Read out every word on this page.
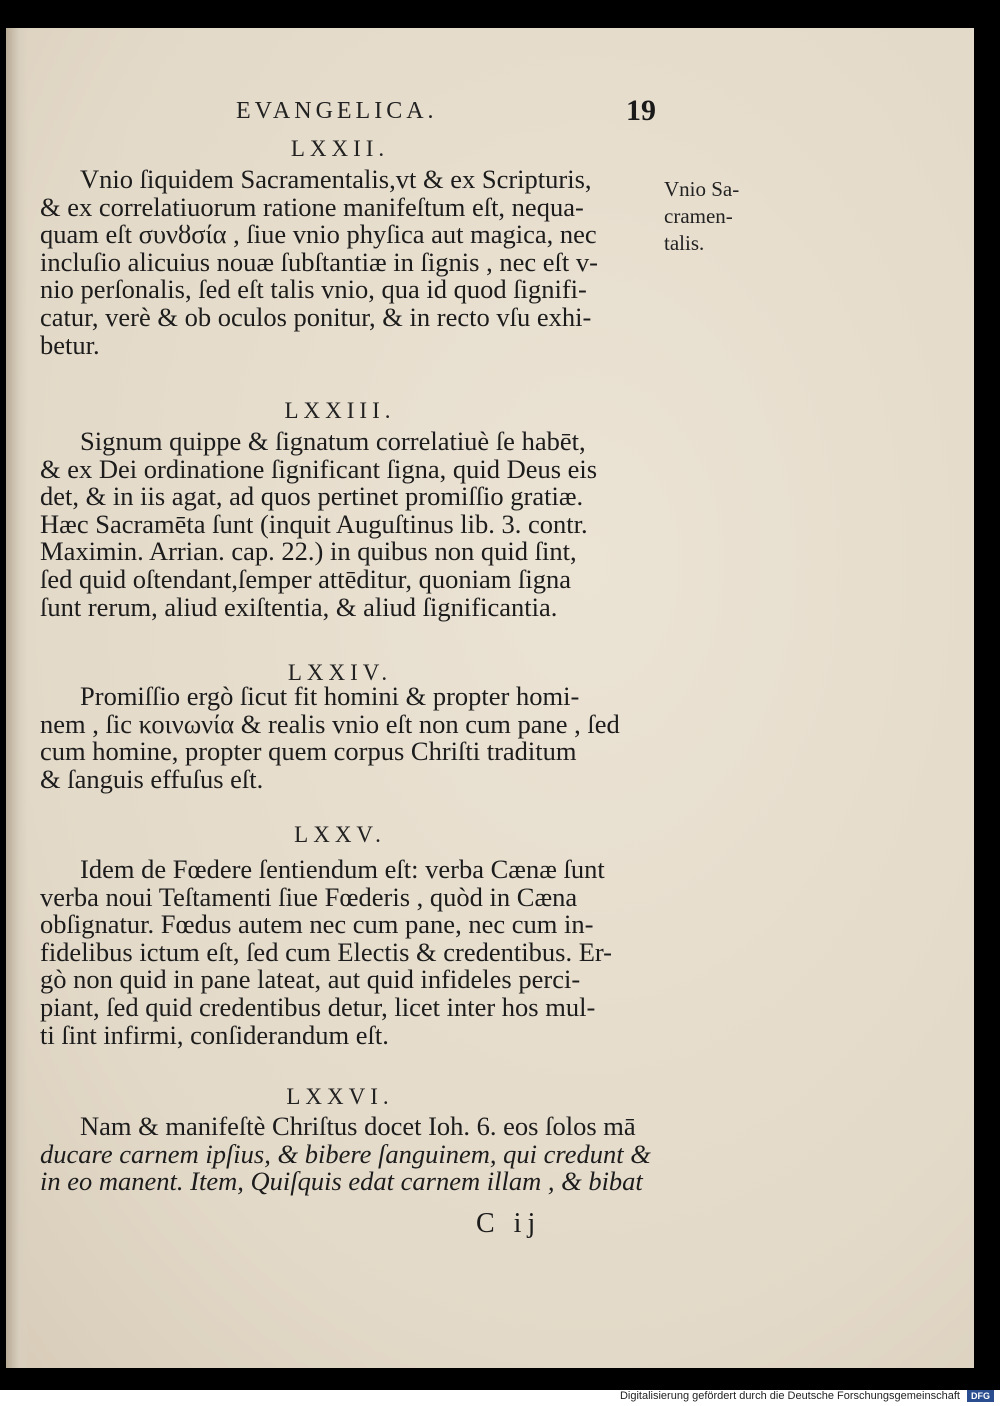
EVANGELICA.	19
LXXII.
Vnio ſiquidem Sacramentalis,vt & ex Scripturis,
& ex correlatiuorum ratione manifeſtum eſt, nequa-
quam eſt συνȣσία , ſiue vnio phyſica aut magica, nec
incluſio alicuius nouæ ſubſtantiæ in ſignis , nec eſt v-
nio perſonalis, ſed eſt talis vnio, qua id quod ſignifi-
catur, verè & ob oculos ponitur, & in recto vſu exhi-
betur.
Vnio Sa-
cramen-
talis.
LXXIII.
Signum quippe & ſignatum correlatiuè ſe habēt,
& ex Dei ordinatione ſignificant ſigna, quid Deus eis
det, & in iis agat, ad quos pertinet promiſſio gratiæ.
Hæc Sacramēta ſunt (inquit Auguſtinus lib. 3. contr.
Maximin. Arrian. cap. 22.) in quibus non quid ſint,
ſed quid oſtendant,ſemper attēditur, quoniam ſigna
ſunt rerum, aliud exiſtentia, & aliud ſignificantia.
LXXIV.
Promiſſio ergò ſicut fit homini & propter homi-
nem , ſic κοινωνία & realis vnio eſt non cum pane , ſed
cum homine, propter quem corpus Chriſti traditum
& ſanguis effuſus eſt.
LXXV.
Idem de Fœdere ſentiendum eſt: verba Cænæ ſunt
verba noui Teſtamenti ſiue Fœderis , quòd in Cæna
obſignatur. Fœdus autem nec cum pane, nec cum in-
fidelibus ictum eſt, ſed cum Electis & credentibus. Er-
gò non quid in pane lateat, aut quid infideles perci-
piant, ſed quid credentibus detur, licet inter hos mul-
ti ſint infirmi, conſiderandum eſt.
LXXVI.
Nam & manifeſtè Chriſtus docet Ioh. 6. eos ſolos mā
ducare carnem ipſius, & bibere ſanguinem, qui credunt &
in eo manent. Item, Quiſquis edat carnem illam , & bibat
C ij
Digitalisierung gefördert durch die Deutsche Forschungsgemeinschaft DFG
